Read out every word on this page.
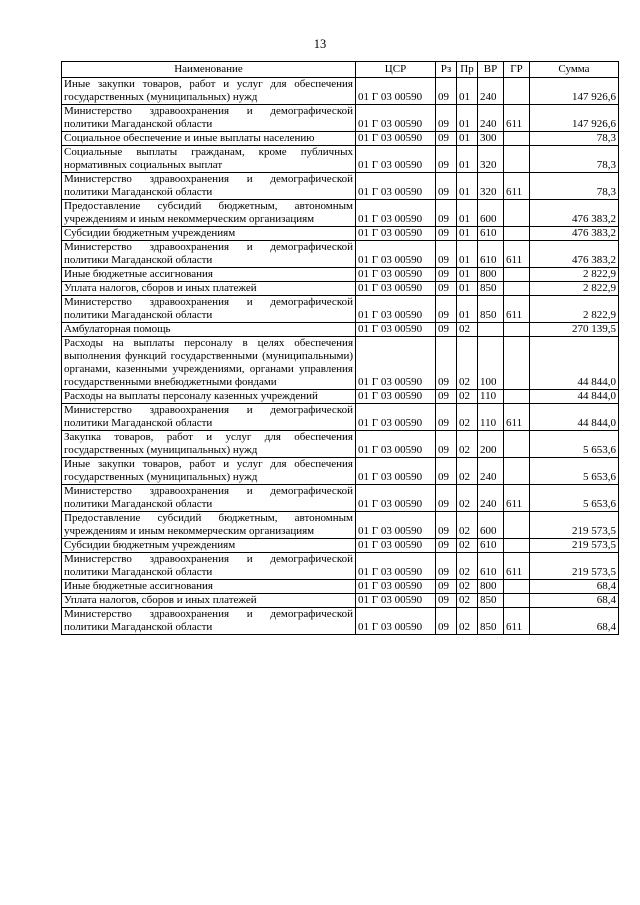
13
Наименование	ЦСР	Рз	Пр	ВР	ГР	Сумма
Иные закупки товаров, работ и услуг для обеспечения государственных (муниципальных) нужд	01 Г 03 00590	09	01	240		147 926,6
Министерство здравоохранения и демографической политики Магаданской области	01 Г 03 00590	09	01	240	611	147 926,6
Социальное обеспечение и иные выплаты населению	01 Г 03 00590	09	01	300		78,3
Социальные выплаты гражданам, кроме публичных нормативных социальных выплат	01 Г 03 00590	09	01	320		78,3
Министерство здравоохранения и демографической политики Магаданской области	01 Г 03 00590	09	01	320	611	78,3
Предоставление субсидий бюджетным, автономным учреждениям и иным некоммерческим организациям	01 Г 03 00590	09	01	600		476 383,2
Субсидии бюджетным учреждениям	01 Г 03 00590	09	01	610		476 383,2
Министерство здравоохранения и демографической политики Магаданской области	01 Г 03 00590	09	01	610	611	476 383,2
Иные бюджетные ассигнования	01 Г 03 00590	09	01	800		2 822,9
Уплата налогов, сборов и иных платежей	01 Г 03 00590	09	01	850		2 822,9
Министерство здравоохранения и демографической политики Магаданской области	01 Г 03 00590	09	01	850	611	2 822,9
Амбулаторная помощь	01 Г 03 00590	09	02			270 139,5
Расходы на выплаты персоналу в целях обеспечения выполнения функций государственными (муниципальными) органами, казенными учреждениями, органами управления государственными внебюджетными фондами	01 Г 03 00590	09	02	100		44 844,0
Расходы на выплаты персоналу казенных учреждений	01 Г 03 00590	09	02	110		44 844,0
Министерство здравоохранения и демографической политики Магаданской области	01 Г 03 00590	09	02	110	611	44 844,0
Закупка товаров, работ и услуг для обеспечения государственных (муниципальных) нужд	01 Г 03 00590	09	02	200		5 653,6
Иные закупки товаров, работ и услуг для обеспечения государственных (муниципальных) нужд	01 Г 03 00590	09	02	240		5 653,6
Министерство здравоохранения и демографической политики Магаданской области	01 Г 03 00590	09	02	240	611	5 653,6
Предоставление субсидий бюджетным, автономным учреждениям и иным некоммерческим организациям	01 Г 03 00590	09	02	600		219 573,5
Субсидии бюджетным учреждениям	01 Г 03 00590	09	02	610		219 573,5
Министерство здравоохранения и демографической политики Магаданской области	01 Г 03 00590	09	02	610	611	219 573,5
Иные бюджетные ассигнования	01 Г 03 00590	09	02	800		68,4
Уплата налогов, сборов и иных платежей	01 Г 03 00590	09	02	850		68,4
Министерство здравоохранения и демографической политики Магаданской области	01 Г 03 00590	09	02	850	611	68,4
